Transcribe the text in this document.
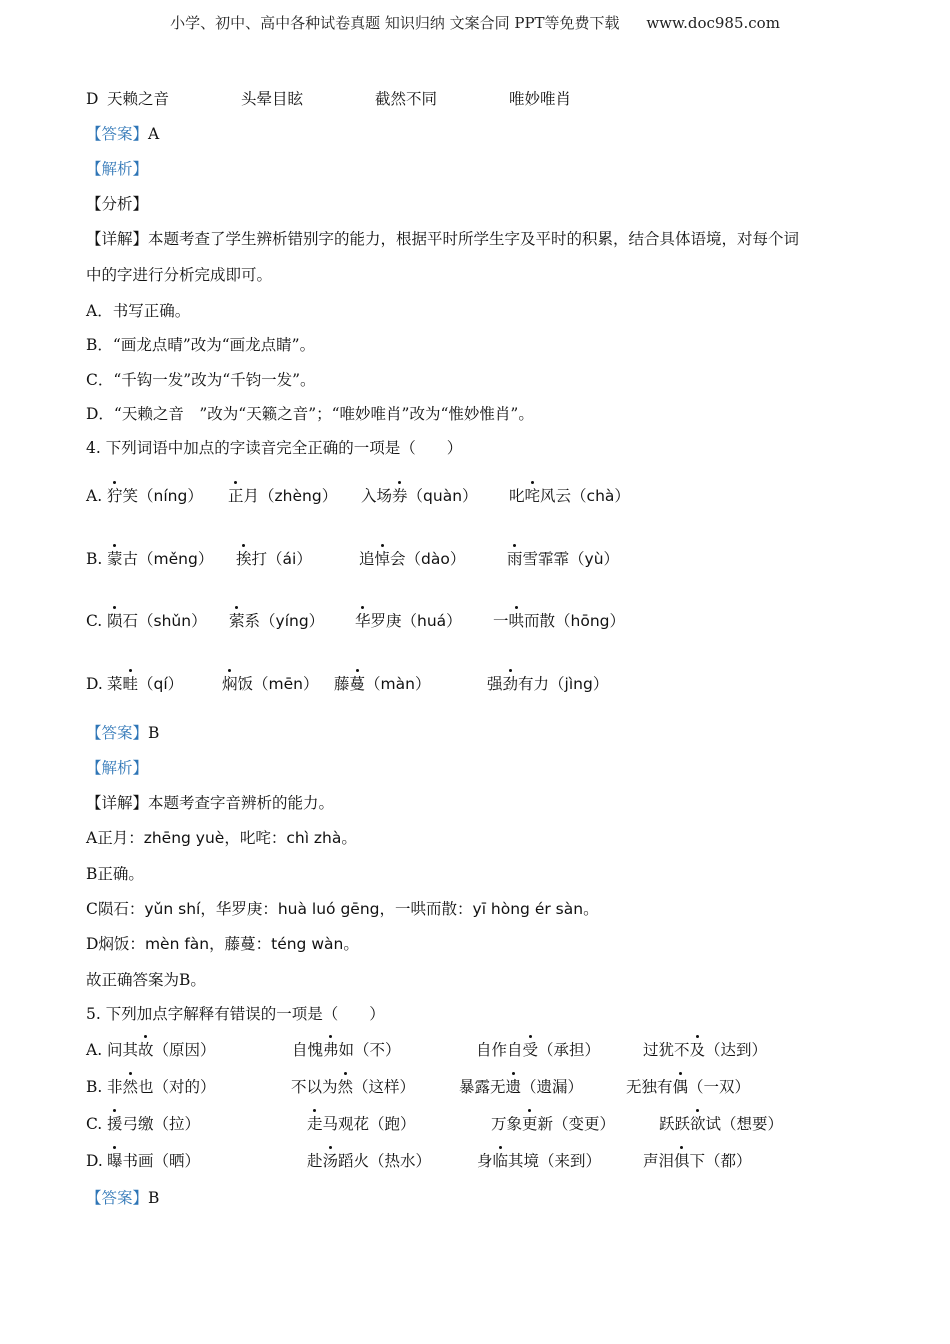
小学、初中、高中各种试卷真题 知识归纳 文案合同 PPT等免费下载 www.doc985.com
D 天赖之音	头晕目眩	截然不同	唯妙唯肖
【答案】A
【解析】
【分析】
【详解】本题考查了学生辨析错别字的能力，根据平时所学生字及平时的积累，结合具体语境，对每个词
中的字进行分析完成即可。
A．书写正确。
B．“画龙点晴”改为“画龙点睛”。
C．“千钩一发”改为“千钧一发”。
D．“天赖之音　”改为“天籁之音”；“唯妙唯肖”改为“惟妙惟肖”。
4. 下列词语中加点的字读音完全正确的一项是（　　）
A. 狞笑（níng） 正月（zhèng） 入场券（quàn） 叱咤风云（chà）
B. 蒙古（měng） 挨打（ái）	追悼会（dào）	雨雪霏霏（yù）
C. 陨石（shǔn） 萦系（yíng） 华罗庚（huá） 一哄而散（hōng）
D. 菜畦（qí）	焖饭（mēn） 藤蔓（màn）	强劲有力（jìng）
【答案】B
【解析】
【详解】本题考查字音辨析的能力。
A正月：zhēng yuè，叱咤：chì zhà。
B正确。
C陨石：yǔn shí，华罗庚：huà luó gēng，一哄而散：yī hòng ér sàn。
D焖饭：mèn fàn，藤蔓：téng wàn。
故正确答案为B。
5. 下列加点字解释有错误的一项是（　　）
A. 问其故（原因）	自愧弗如（不）	自作自受（承担）	过犹不及（达到）
B. 非然也（对的）	不以为然（这样）	暴露无遗（遗漏）	无独有偶（一双）
C. 援弓缴（拉）	走马观花（跑）	万象更新（变更）	跃跃欲试（想要）
D. 曝书画（晒）	赴汤蹈火（热水）	身临其境（来到）	声泪俱下（都）
【答案】B
